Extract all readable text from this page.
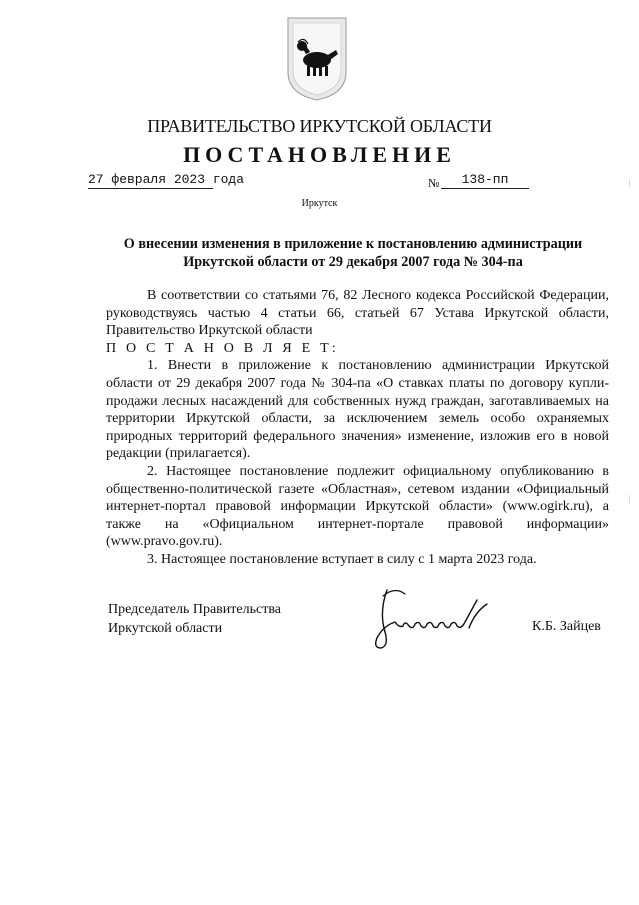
ПРАВИТЕЛЬСТВО ИРКУТСКОЙ ОБЛАСТИ
ПОСТАНОВЛЕНИЕ
27 февраля 2023 года	№	138-пп
Иркутск
О внесении изменения в приложение к постановлению администрации Иркутской области от 29 декабря 2007 года № 304-па

В соответствии со статьями 76, 82 Лесного кодекса Российской Федерации, руководствуясь частью 4 статьи 66, статьей 67 Устава Иркутской области, Правительство Иркутской области

П О С Т А Н О В Л Я Е Т:

1. Внести в приложение к постановлению администрации Иркутской области от 29 декабря 2007 года № 304-па «О ставках платы по договору купли-продажи лесных насаждений для собственных нужд граждан, заготавливаемых на территории Иркутской области, за исключением земель особо охраняемых природных территорий федерального значения» изменение, изложив его в новой редакции (прилагается).

2. Настоящее постановление подлежит официальному опубликованию в общественно-политической газете «Областная», сетевом издании «Официальный интернет-портал правовой информации Иркутской области» (www.ogirk.ru), а также на «Официальном интернет-портале правовой информации» (www.pravo.gov.ru).

3. Настоящее постановление вступает в силу с 1 марта 2023 года.

Председатель Правительства
Иркутской области	К.Б. Зайцев
|
|
